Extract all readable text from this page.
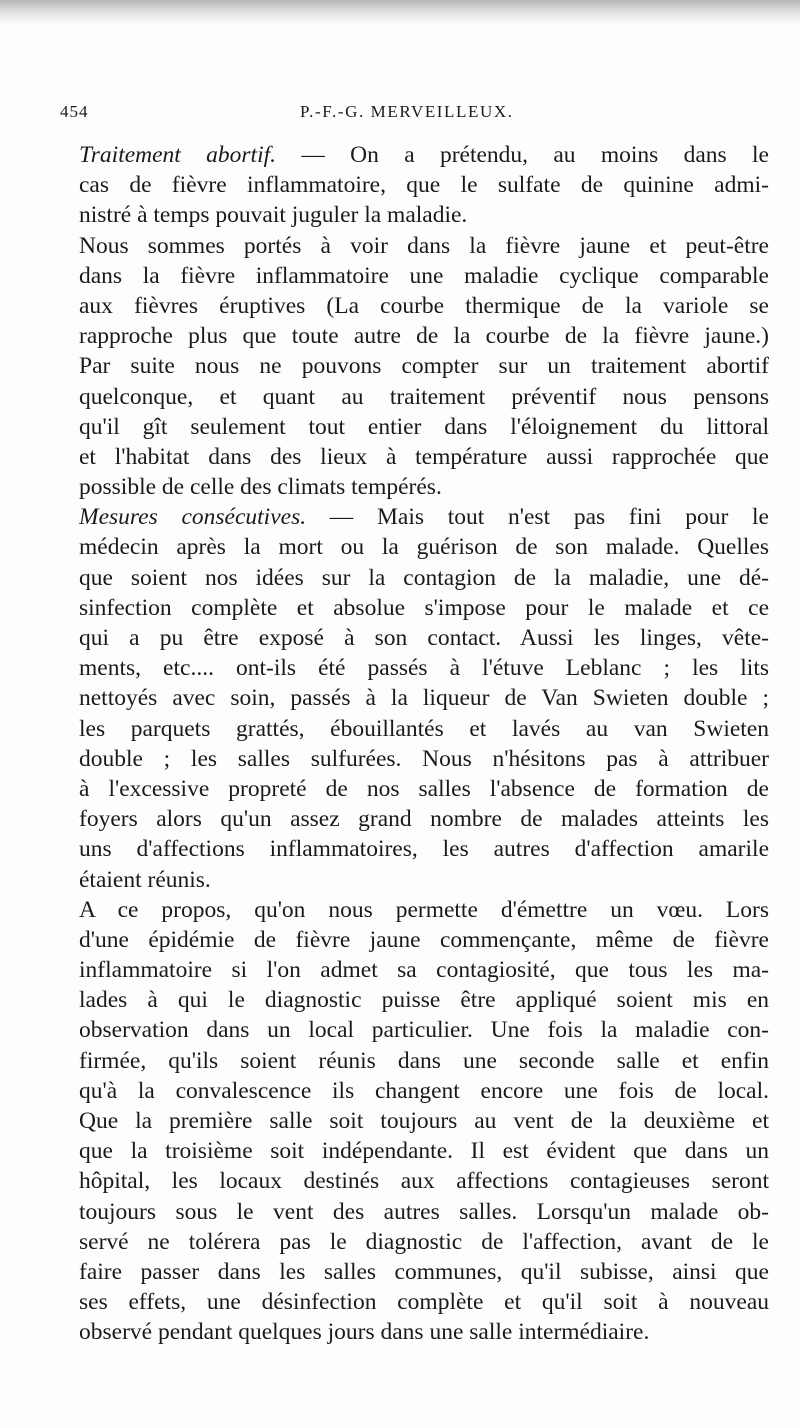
454	P.-F.-G. MERVEILLEUX.
Traitement abortif. — On a prétendu, au moins dans le
cas de fièvre inflammatoire, que le sulfate de quinine admi-
nistré à temps pouvait juguler la maladie.
Nous sommes portés à voir dans la fièvre jaune et peut-être
dans la fièvre inflammatoire une maladie cyclique comparable
aux fièvres éruptives (La courbe thermique de la variole se
rapproche plus que toute autre de la courbe de la fièvre jaune.)
Par suite nous ne pouvons compter sur un traitement abortif
quelconque, et quant au traitement préventif nous pensons
qu'il gît seulement tout entier dans l'éloignement du littoral
et l'habitat dans des lieux à température aussi rapprochée que
possible de celle des climats tempérés.
Mesures consécutives. — Mais tout n'est pas fini pour le
médecin après la mort ou la guérison de son malade. Quelles
que soient nos idées sur la contagion de la maladie, une dé-
sinfection complète et absolue s'impose pour le malade et ce
qui a pu être exposé à son contact. Aussi les linges, vête-
ments, etc.... ont-ils été passés à l'étuve Leblanc ; les lits
nettoyés avec soin, passés à la liqueur de Van Swieten double ;
les parquets grattés, ébouillantés et lavés au van Swieten
double ; les salles sulfurées. Nous n'hésitons pas à attribuer
à l'excessive propreté de nos salles l'absence de formation de
foyers alors qu'un assez grand nombre de malades atteints les
uns d'affections inflammatoires, les autres d'affection amarile
étaient réunis.
A ce propos, qu'on nous permette d'émettre un vœu. Lors
d'une épidémie de fièvre jaune commençante, même de fièvre
inflammatoire si l'on admet sa contagiosité, que tous les ma-
lades à qui le diagnostic puisse être appliqué soient mis en
observation dans un local particulier. Une fois la maladie con-
firmée, qu'ils soient réunis dans une seconde salle et enfin
qu'à la convalescence ils changent encore une fois de local.
Que la première salle soit toujours au vent de la deuxième et
que la troisième soit indépendante. Il est évident que dans un
hôpital, les locaux destinés aux affections contagieuses seront
toujours sous le vent des autres salles. Lorsqu'un malade ob-
servé ne tolérera pas le diagnostic de l'affection, avant de le
faire passer dans les salles communes, qu'il subisse, ainsi que
ses effets, une désinfection complète et qu'il soit à nouveau
observé pendant quelques jours dans une salle intermédiaire.
